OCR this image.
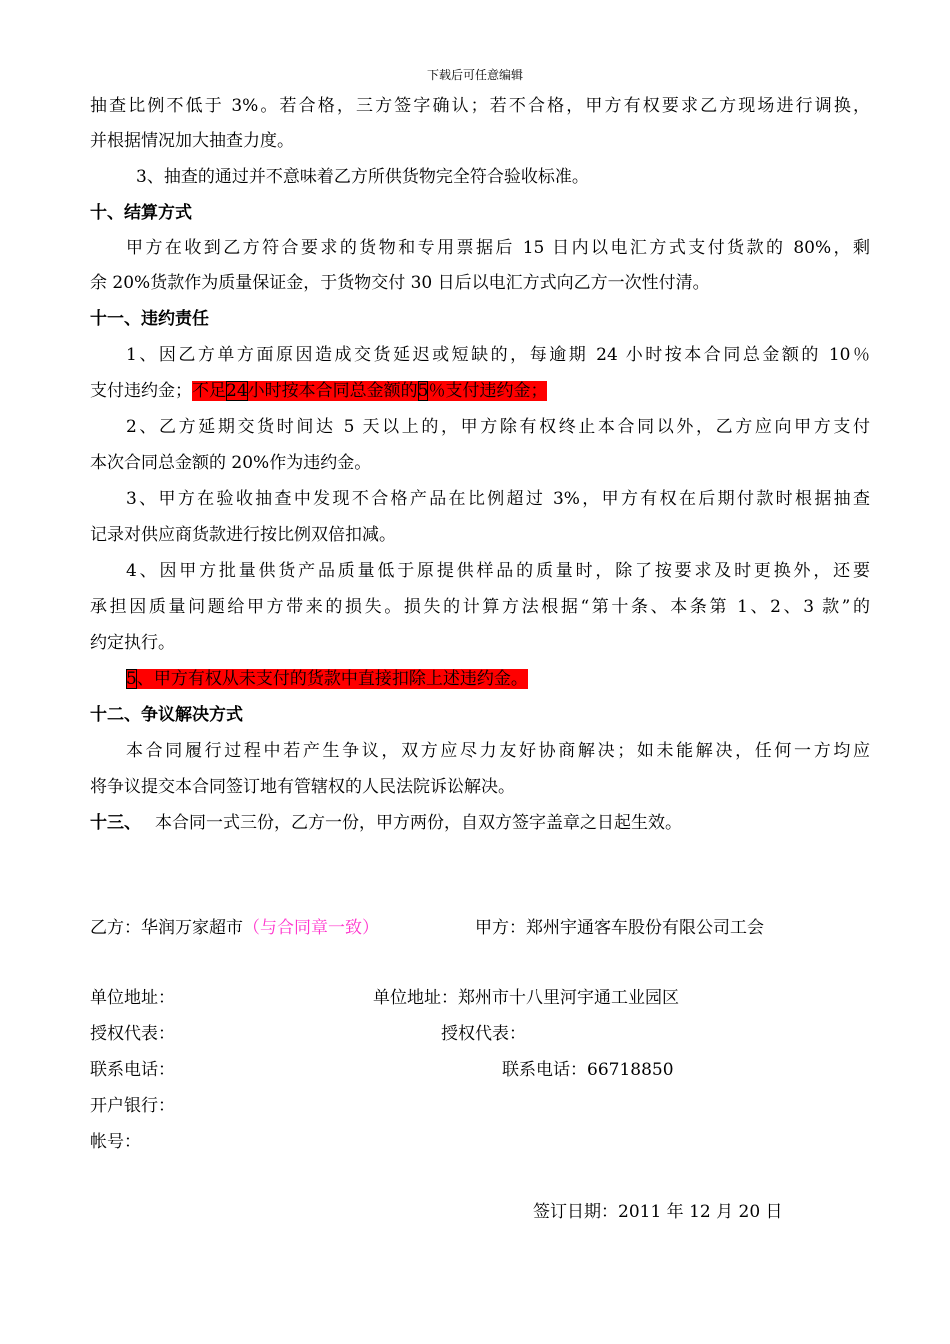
下载后可任意编辑
抽查比例不低于 3%。若合格，三方签字确认；若不合格，甲方有权要求乙方现场进行调换，
并根据情况加大抽查力度。
3、抽查的通过并不意味着乙方所供货物完全符合验收标准。
十、结算方式
甲方在收到乙方符合要求的货物和专用票据后 15 日内以电汇方式支付货款的 80%，剩
余 20%货款作为质量保证金，于货物交付 30 日后以电汇方式向乙方一次性付清。
十一、违约责任
1、因乙方单方面原因造成交货延迟或短缺的，每逾期 24 小时按本合同总金额的 10％
支付违约金；不足24小时按本合同总金额的5％支付违约金；
2、乙方延期交货时间达 5 天以上的，甲方除有权终止本合同以外，乙方应向甲方支付
本次合同总金额的 20%作为违约金。
3、甲方在验收抽查中发现不合格产品在比例超过 3%，甲方有权在后期付款时根据抽查
记录对供应商货款进行按比例双倍扣减。
4、因甲方批量供货产品质量低于原提供样品的质量时，除了按要求及时更换外，还要
承担因质量问题给甲方带来的损失。损失的计算方法根据“第十条、本条第 1、2、3 款”的
约定执行。
5、甲方有权从未支付的货款中直接扣除上述违约金。
十二、争议解决方式
本合同履行过程中若产生争议，双方应尽力友好协商解决；如未能解决，任何一方均应
将争议提交本合同签订地有管辖权的人民法院诉讼解决。
十三、 本合同一式三份，乙方一份，甲方两份，自双方签字盖章之日起生效。
乙方：华润万家超市（与合同章一致）	甲方：郑州宇通客车股份有限公司工会
单位地址：	单位地址：郑州市十八里河宇通工业园区
授权代表：	授权代表：
联系电话：	联系电话：66718850
开户银行：
帐号：
签订日期：2011 年 12 月 20 日
